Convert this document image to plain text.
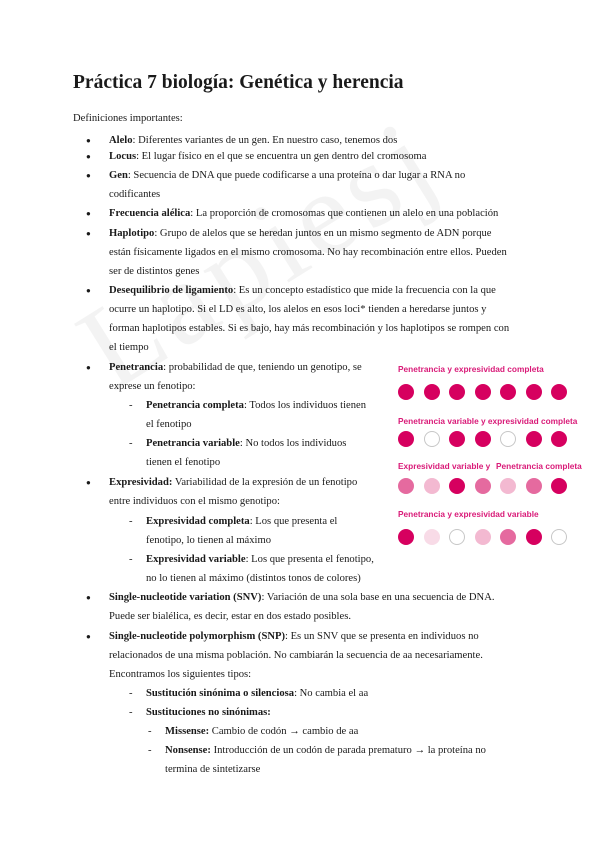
Práctica 7 biología: Genética y herencia
Definiciones importantes:
●
Alelo: Diferentes variantes de un gen. En nuestro caso, tenemos dos
●
Locus: El lugar físico en el que se encuentra un gen dentro del cromosoma
●
Gen: Secuencia de DNA que puede codificarse a una proteína o dar lugar a RNA no
codificantes
●
Frecuencia alélica: La proporción de cromosomas que contienen un alelo en una población
●
Haplotipo: Grupo de alelos que se heredan juntos en un mismo segmento de ADN porque
están físicamente ligados en el mismo cromosoma. No hay recombinación entre ellos. Pueden
ser de distintos genes
●
Desequilibrio de ligamiento: Es un concepto estadístico que mide la frecuencia con la que
ocurre un haplotipo. Si el LD es alto, los alelos en esos loci* tienden a heredarse juntos y
forman haplotipos estables. Si es bajo, hay más recombinación y los haplotipos se rompen con
el tiempo
●
Penetrancia: probabilidad de que, teniendo un genotipo, se
exprese un fenotipo:
- Penetrancia completa: Todos los individuos tienen
el fenotipo
- Penetrancia variable: No todos los individuos
tienen el fenotipo
●
Expresividad: Variabilidad de la expresión de un fenotipo
entre individuos con el mismo genotipo:
- Expresividad completa: Los que presenta el
fenotipo, lo tienen al máximo
- Expresividad variable: Los que presenta el fenotipo,
no lo tienen al máximo (distintos tonos de colores)
●
Single-nucleotide variation (SNV): Variación de una sola base en una secuencia de DNA.
Puede ser bialélica, es decir, estar en dos estado posibles.
●
Single-nucleotide polymorphism (SNP): Es un SNV que se presenta en individuos no
relacionados de una misma población. No cambiarán la secuencia de aa necesariamente.
Encontramos los siguientes tipos:
- Sustitución sinónima o silenciosa: No cambia el aa
- Sustituciones no sinónimas:
- Missense: Cambio de codón → cambio de aa
- Nonsense: Introducción de un codón de parada prematuro → la proteína no
termina de sintetizarse
Penetrancia y expresividad completa
Penetrancia variable y expresividad completa
Expresividad variable y Penetrancia completa
Penetrancia y expresividad variable
